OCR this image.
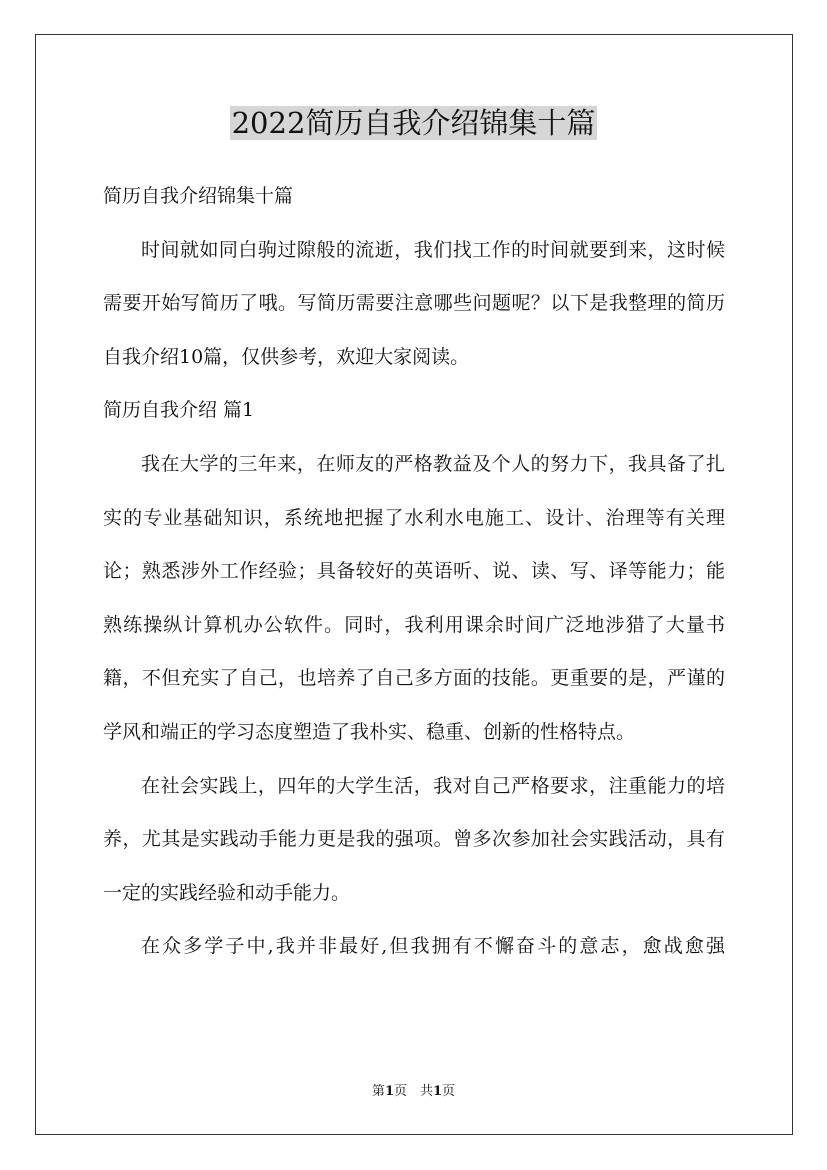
2022简历自我介绍锦集十篇
简历自我介绍锦集十篇

时间就如同白驹过隙般的流逝，我们找工作的时间就要到来，这时候需要开始写简历了哦。写简历需要注意哪些问题呢？以下是我整理的简历自我介绍10篇，仅供参考，欢迎大家阅读。

简历自我介绍 篇1

我在大学的三年来，在师友的严格教益及个人的努力下，我具备了扎实的专业基础知识，系统地把握了水利水电施工、设计、治理等有关理论；熟悉涉外工作经验；具备较好的英语听、说、读、写、译等能力；能熟练操纵计算机办公软件。同时，我利用课余时间广泛地涉猎了大量书籍，不但充实了自己，也培养了自己多方面的技能。更重要的是，严谨的学风和端正的学习态度塑造了我朴实、稳重、创新的性格特点。

在社会实践上，四年的大学生活，我对自己严格要求，注重能力的培养，尤其是实践动手能力更是我的强项。曾多次参加社会实践活动，具有一定的实践经验和动手能力。

在众多学子中,我并非最好,但我拥有不懈奋斗的意志，愈战愈强

第1页　共1页
